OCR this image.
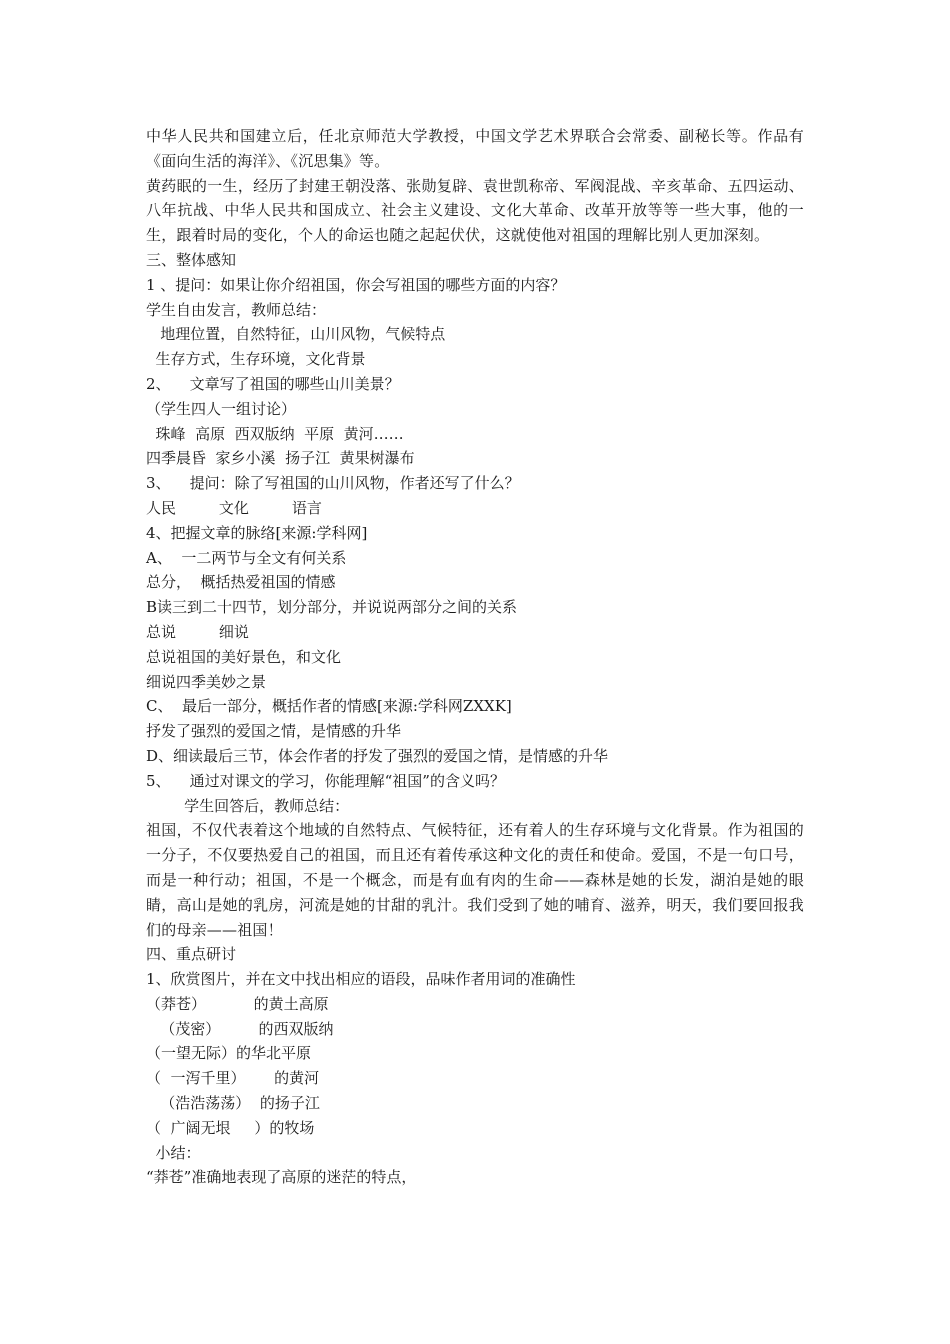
中华人民共和国建立后，任北京师范大学教授，中国文学艺术界联合会常委、副秘长等。作品有《面向生活的海洋》、《沉思集》等。

黄药眠的一生，经历了封建王朝没落、张勋复辟、袁世凯称帝、军阀混战、辛亥革命、五四运动、八年抗战、中华人民共和国成立、社会主义建设、文化大革命、改革开放等等一些大事，他的一生，跟着时局的变化，个人的命运也随之起起伏伏，这就使他对祖国的理解比别人更加深刻。

三、整体感知

1 、提问：如果让你介绍祖国，你会写祖国的哪些方面的内容？

学生自由发言，教师总结：

地理位置，自然特征，山川风物，气候特点

生存方式，生存环境，文化背景

2、    文章写了祖国的哪些山川美景？

（学生四人一组讨论）

珠峰  高原  西双版纳  平原  黄河……

四季晨昏  家乡小溪  扬子江  黄果树瀑布

3、    提问：除了写祖国的山川风物，作者还写了什么？

人民         文化         语言

4、把握文章的脉络[来源:学科网]

A、  一二两节与全文有何关系

总分，  概括热爱祖国的情感

B读三到二十四节，划分部分，并说说两部分之间的关系

总说         细说

总说祖国的美好景色，和文化

细说四季美妙之景

C、  最后一部分，概括作者的情感[来源:学科网ZXXK]

抒发了强烈的爱国之情，是情感的升华

D、细读最后三节，体会作者的抒发了强烈的爱国之情，是情感的升华

5、    通过对课文的学习，你能理解“祖国”的含义吗？

学生回答后，教师总结：

祖国，不仅代表着这个地域的自然特点、气候特征，还有着人的生存环境与文化背景。作为祖国的一分子，不仅要热爱自己的祖国，而且还有着传承这种文化的责任和使命。爱国，不是一句口号，而是一种行动；祖国，不是一个概念，而是有血有肉的生命——森林是她的长发，湖泊是她的眼睛，高山是她的乳房，河流是她的甘甜的乳汁。我们受到了她的哺育、滋养，明天，我们要回报我们的母亲——祖国！

四、重点研讨

1、欣赏图片，并在文中找出相应的语段，品味作者用词的准确性

（莽苍）          的黄土高原

（茂密）        的西双版纳

（一望无际）的华北平原

（  一泻千里）      的黄河

（浩浩荡荡）  的扬子江

（  广阔无垠     ）的牧场

小结：

“莽苍”准确地表现了高原的迷茫的特点，
